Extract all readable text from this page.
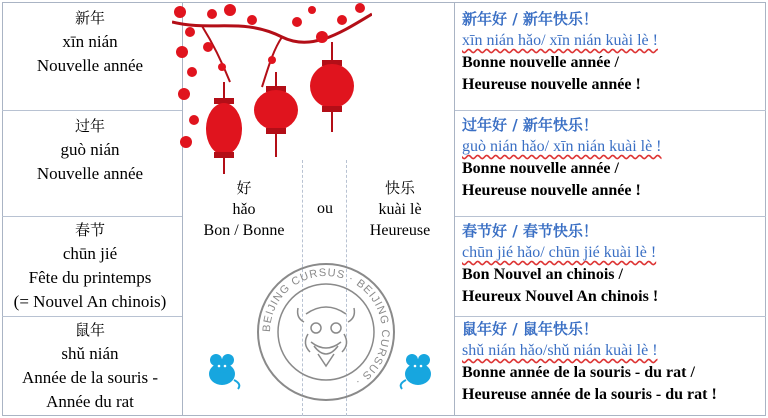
新年
xīn nián
Nouvelle année
过年
guò nián
Nouvelle année
春节
chūn jié
Fête du printemps
(= Nouvel An chinois)
鼠年
shǔ nián
Année de la souris -
Année du rat
新年好 / 新年快乐！
xīn nián hǎo/ xīn nián kuài lè !
Bonne nouvelle année /
Heureuse nouvelle année !
过年好 / 新年快乐！
guò nián hǎo/ xīn nián kuài lè !
Bonne nouvelle année /
Heureuse nouvelle année !
春节好 / 春节快乐！
chūn jié hǎo/ chūn jié kuài lè !
Bon Nouvel an chinois /
Heureux Nouvel An chinois !
鼠年好 / 鼠年快乐！
shǔ nián hǎo/shǔ nián kuài lè !
Bonne année de la souris - du rat /
Heureuse année de la souris - du rat !
好
hǎo
Bon / Bonne
ou
快乐
kuài lè
Heureuse
BEIJING CURSUS · BEIJING CURSUS ·
